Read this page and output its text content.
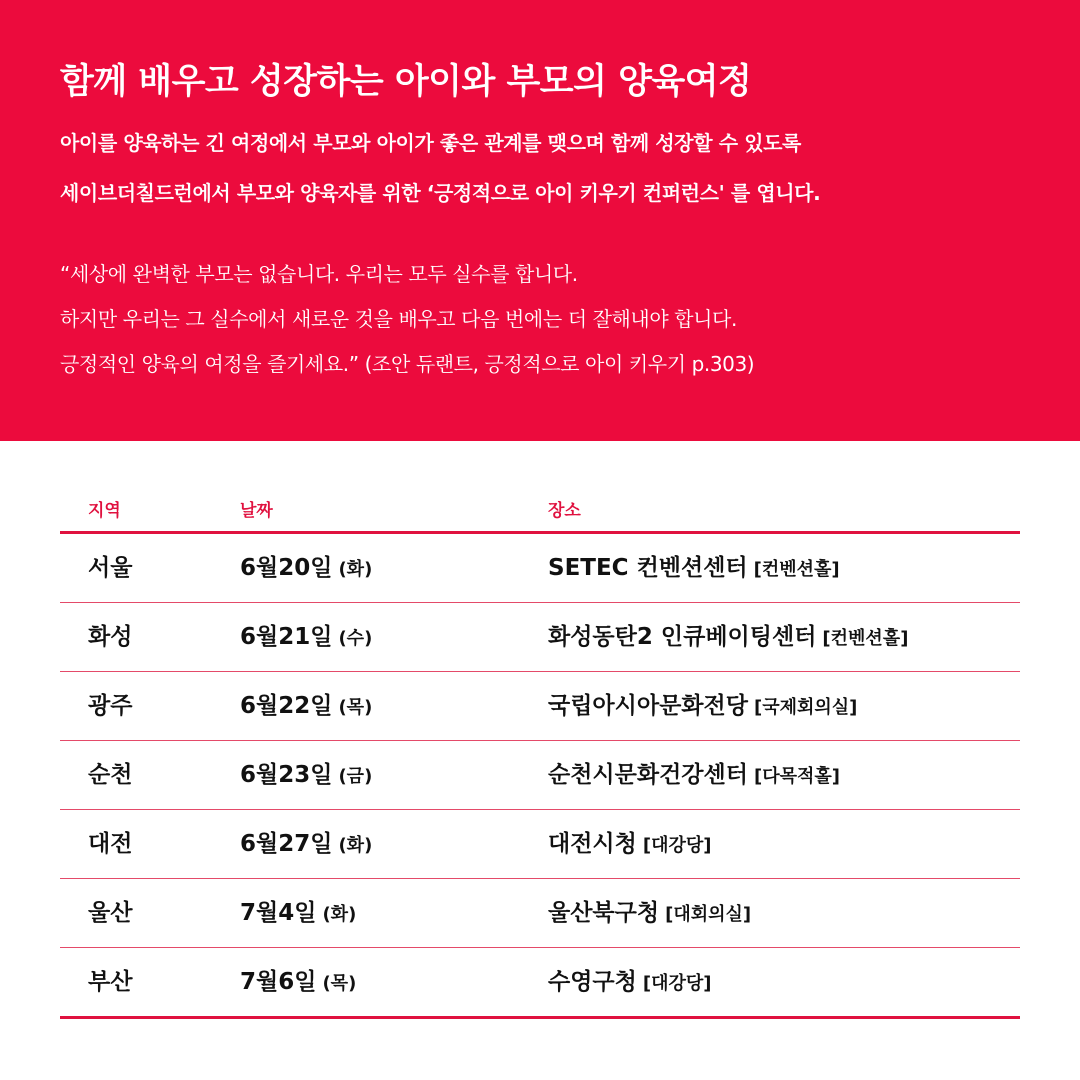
함께 배우고 성장하는 아이와 부모의 양육여정
아이를 양육하는 긴 여정에서 부모와 아이가 좋은 관계를 맺으며 함께 성장할 수 있도록
세이브더칠드런에서 부모와 양육자를 위한 ‘긍정적으로 아이 키우기 컨퍼런스' 를 엽니다.
“세상에 완벽한 부모는 없습니다. 우리는 모두 실수를 합니다.
하지만 우리는 그 실수에서 새로운 것을 배우고 다음 번에는 더 잘해내야 합니다.
긍정적인 양육의 여정을 즐기세요.” (조안 듀랜트, 긍정적으로 아이 키우기 p.303)
지역	날짜	장소
서울	6월20일 (화)	SETEC 컨벤션센터 [컨벤션홀]
화성	6월21일 (수)	화성동탄2 인큐베이팅센터 [컨벤션홀]
광주	6월22일 (목)	국립아시아문화전당 [국제회의실]
순천	6월23일 (금)	순천시문화건강센터 [다목적홀]
대전	6월27일 (화)	대전시청 [대강당]
울산	7월4일 (화)	울산북구청 [대회의실]
부산	7월6일 (목)	수영구청 [대강당]
